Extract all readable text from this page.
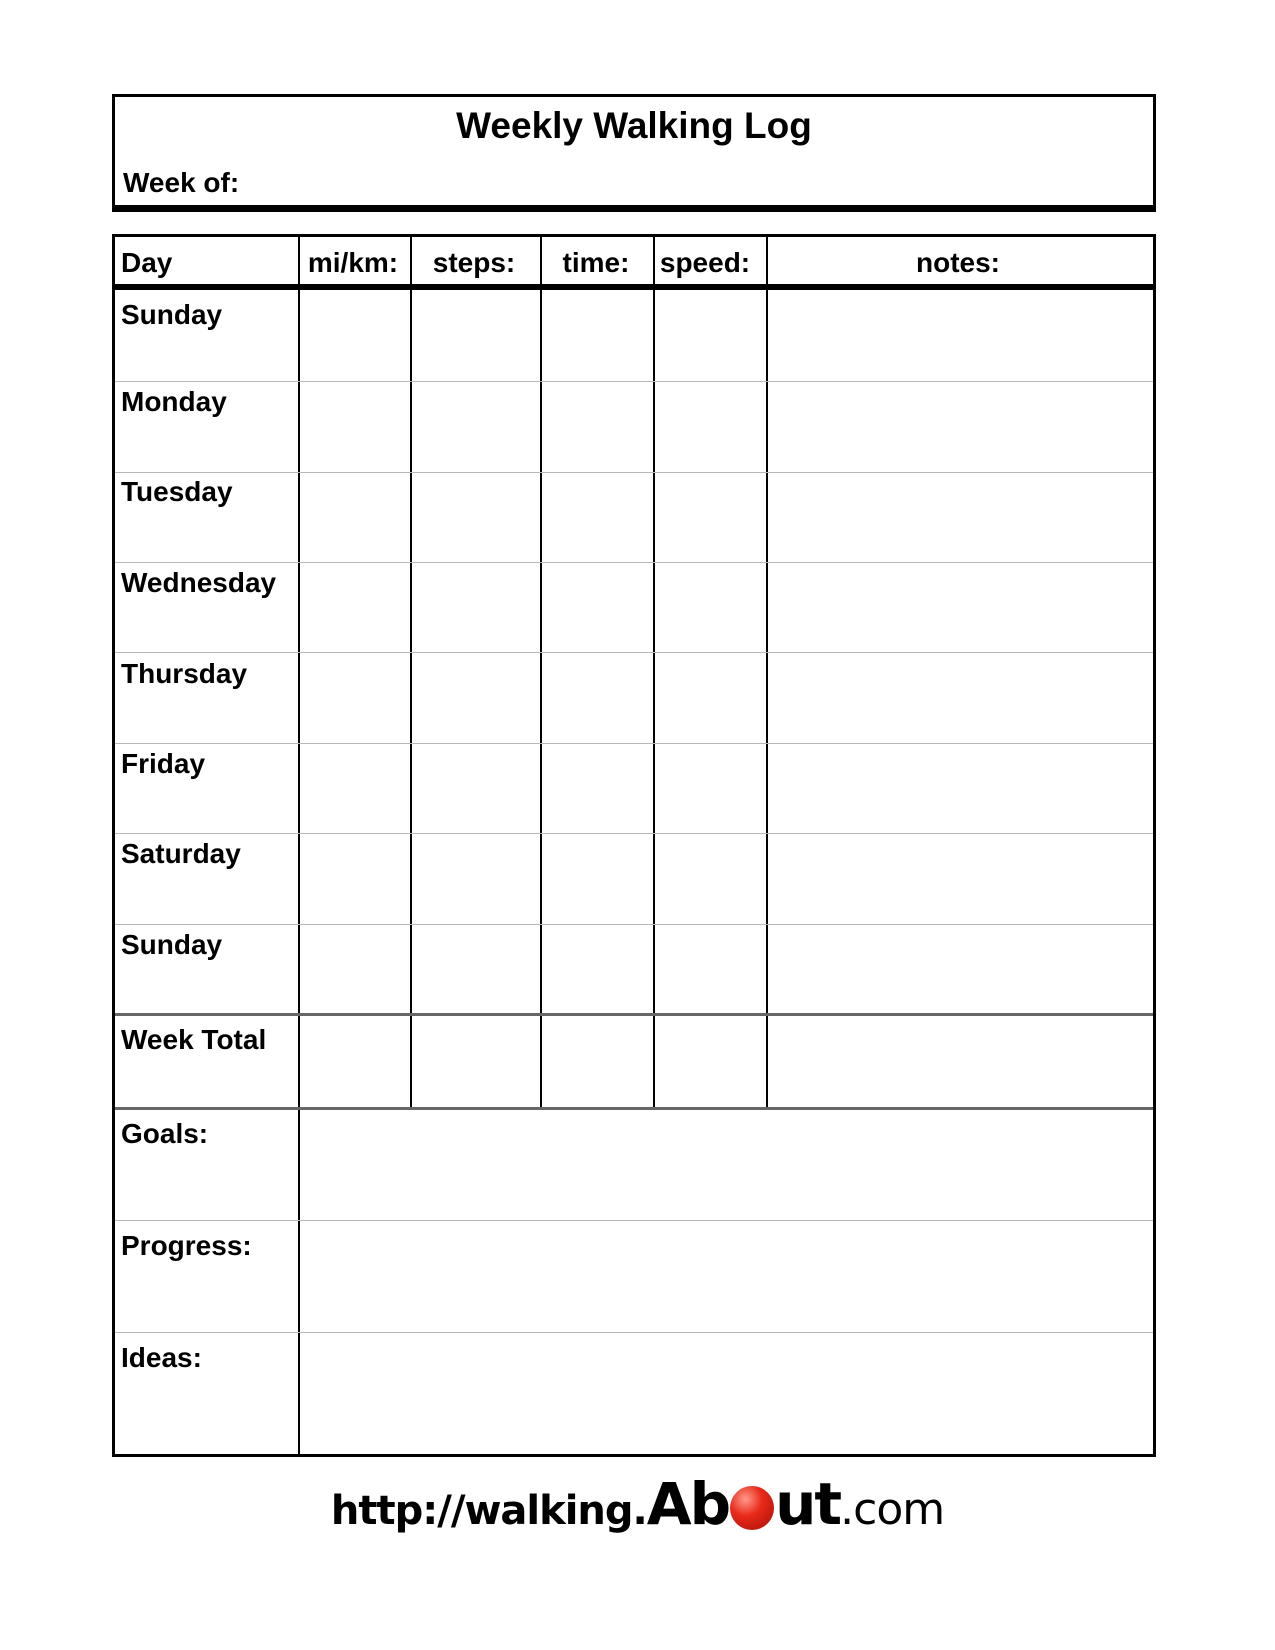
Weekly Walking Log
Week of:
Day	mi/km:	steps:	time:	speed:	notes:
Sunday
Monday
Tuesday
Wednesday
Thursday
Friday
Saturday
Sunday
Week Total
Goals:
Progress:
Ideas:
http://walking.Ab ut.com
